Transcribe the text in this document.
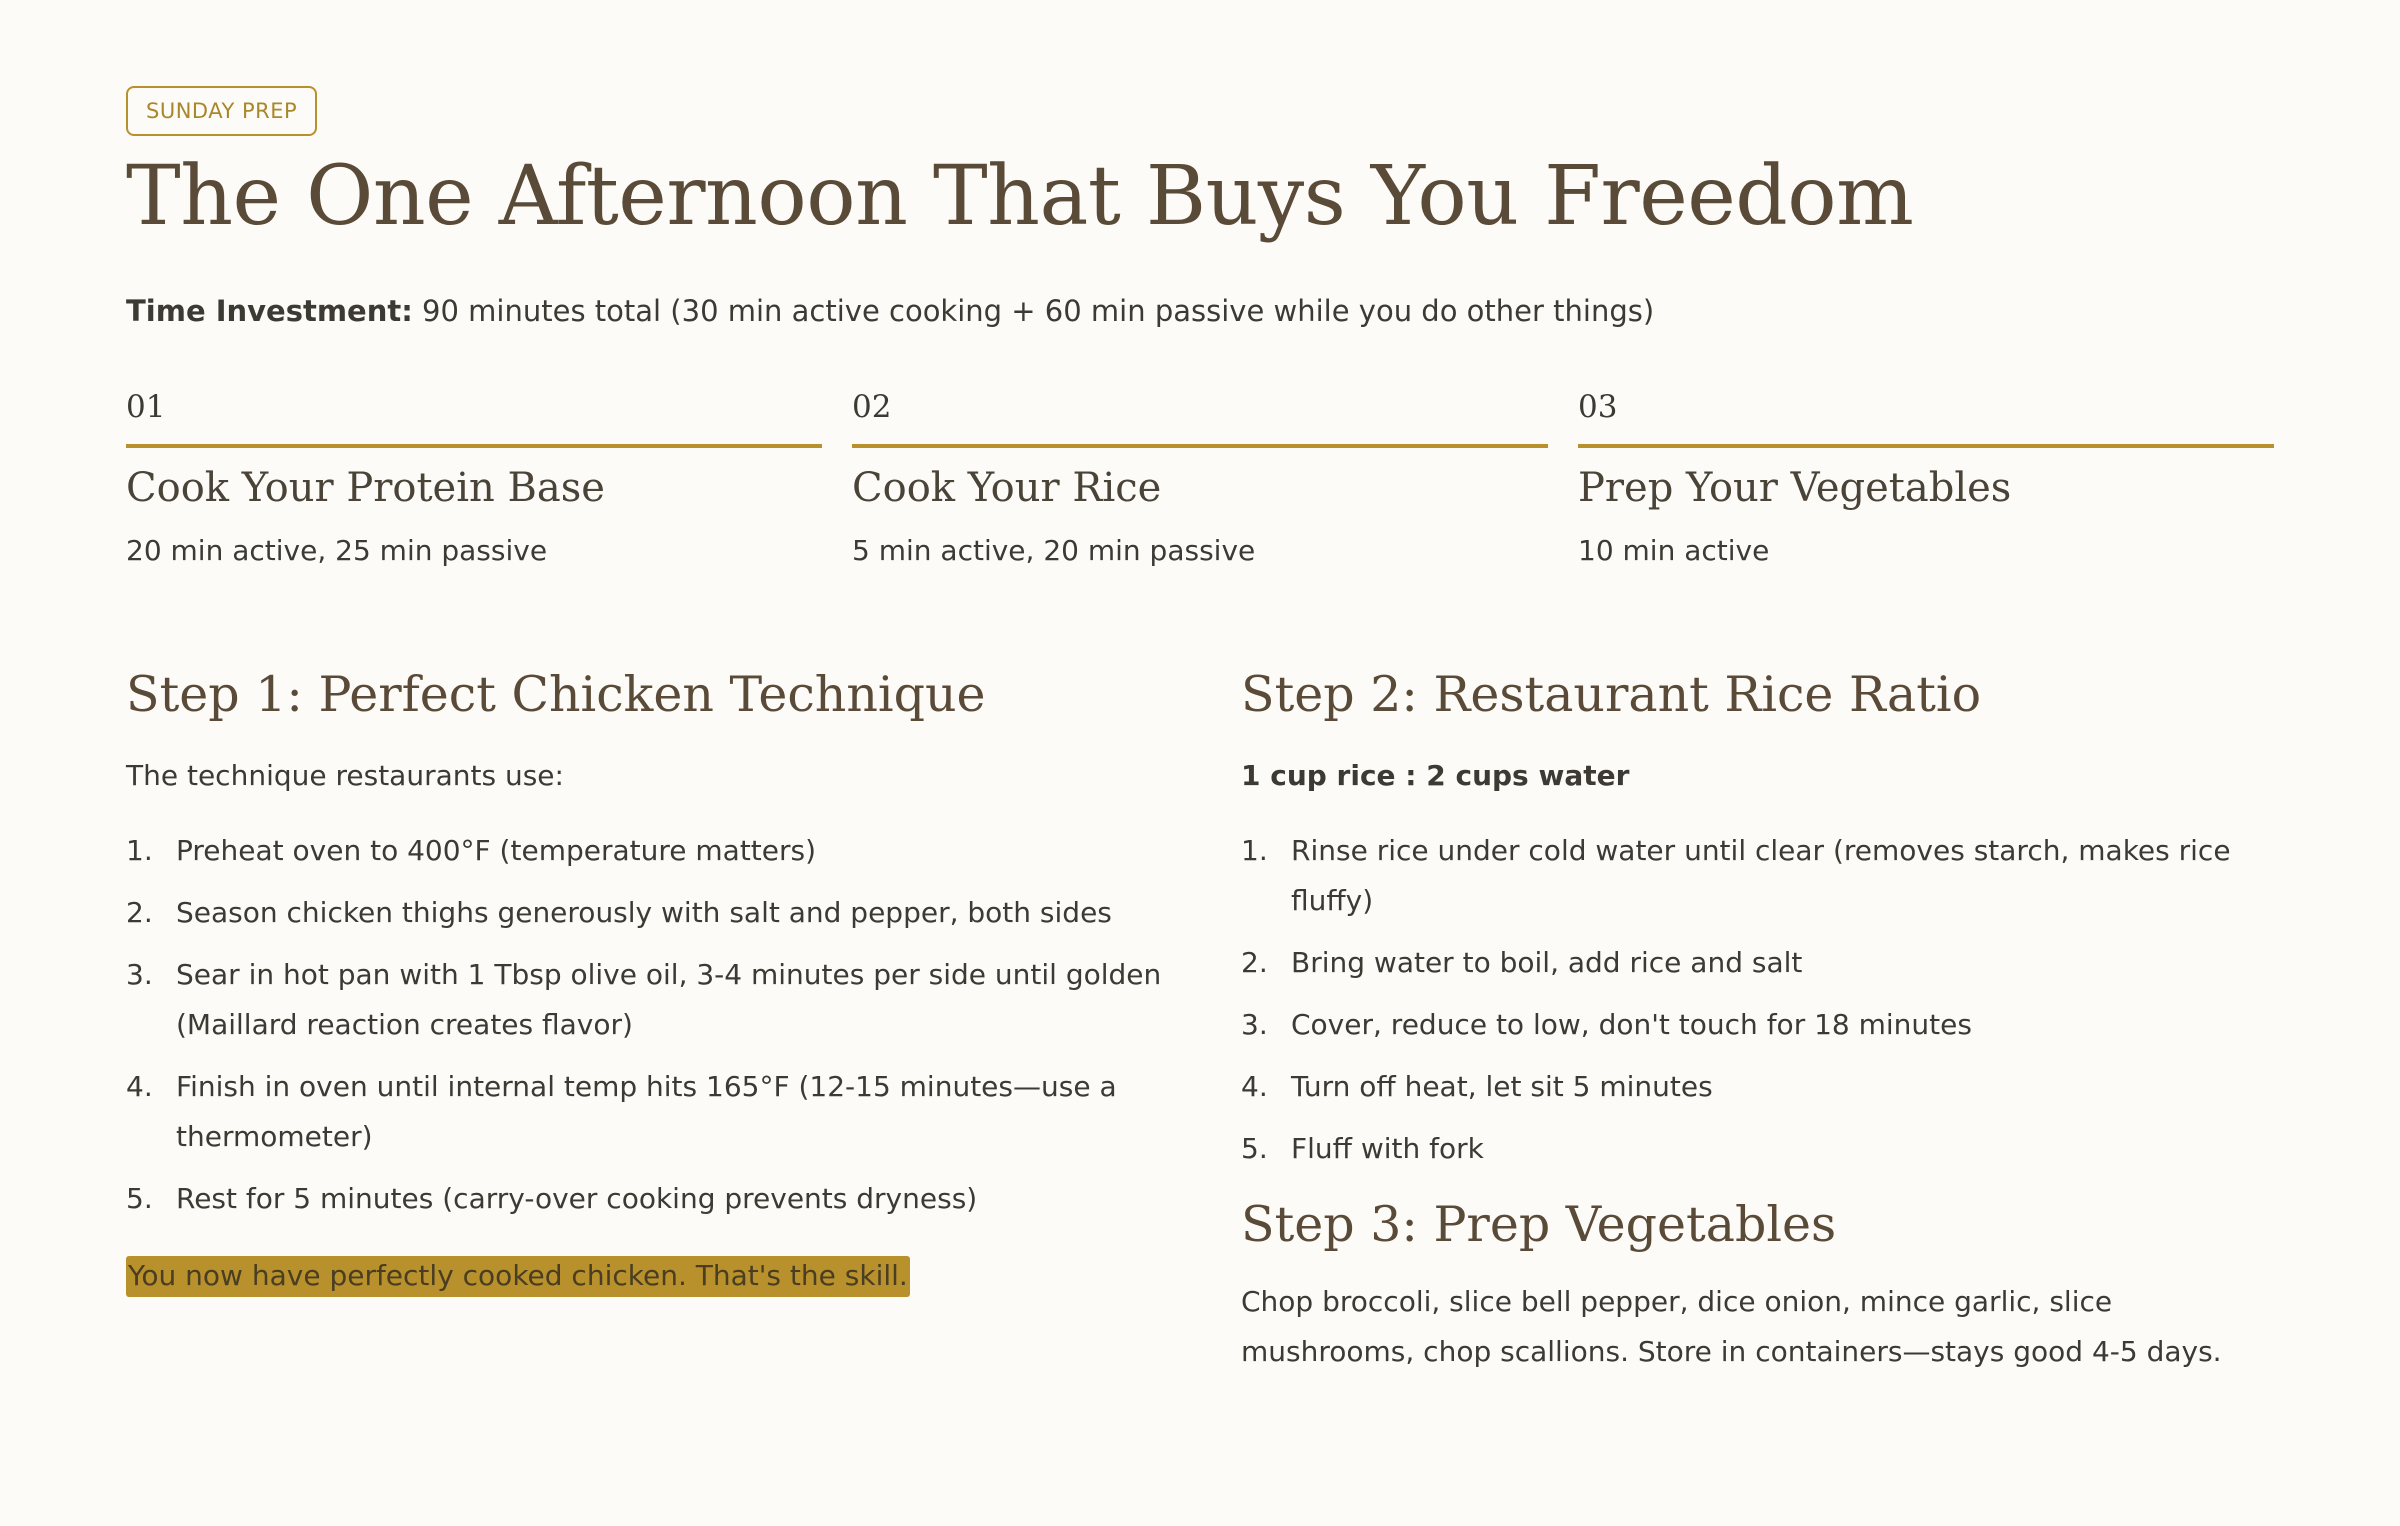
SUNDAY PREP
The One Afternoon That Buys You Freedom
Time Investment: 90 minutes total (30 min active cooking + 60 min passive while you do other things)
01
Cook Your Protein Base
20 min active, 25 min passive
02
Cook Your Rice
5 min active, 20 min passive
03
Prep Your Vegetables
10 min active
Step 1: Perfect Chicken Technique
The technique restaurants use:
1. Preheat oven to 400°F (temperature matters)
2. Season chicken thighs generously with salt and pepper, both sides
3. Sear in hot pan with 1 Tbsp olive oil, 3-4 minutes per side until golden (Maillard reaction creates flavor)
4. Finish in oven until internal temp hits 165°F (12-15 minutes—use a thermometer)
5. Rest for 5 minutes (carry-over cooking prevents dryness)
You now have perfectly cooked chicken. That's the skill.
Step 2: Restaurant Rice Ratio
1 cup rice : 2 cups water
1. Rinse rice under cold water until clear (removes starch, makes rice fluffy)
2. Bring water to boil, add rice and salt
3. Cover, reduce to low, don't touch for 18 minutes
4. Turn off heat, let sit 5 minutes
5. Fluff with fork
Step 3: Prep Vegetables
Chop broccoli, slice bell pepper, dice onion, mince garlic, slice mushrooms, chop scallions. Store in containers—stays good 4-5 days.
